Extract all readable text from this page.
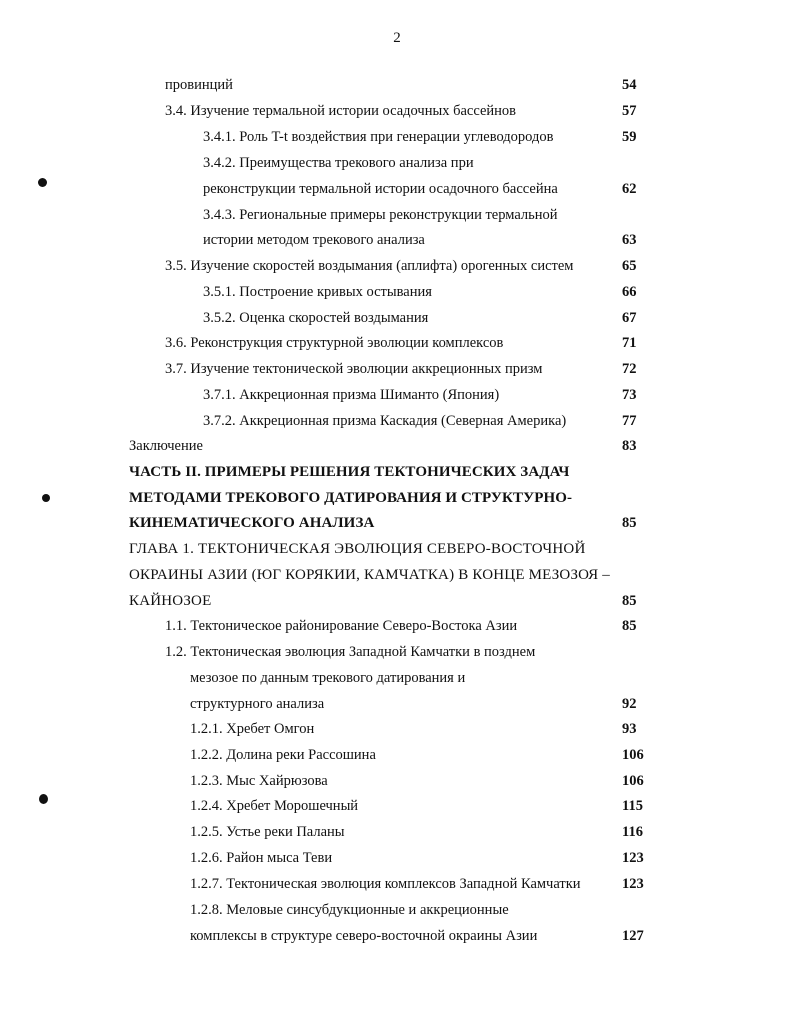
2
провинций	54
3.4. Изучение термальной истории осадочных бассейнов	57
3.4.1. Роль T-t воздействия при генерации углеводородов	59
3.4.2. Преимущества трекового анализа при
реконструкции термальной истории осадочного бассейна	62
3.4.3. Региональные примеры реконструкции термальной
истории методом трекового анализа	63
3.5. Изучение скоростей воздымания (аплифта) орогенных систем	65
3.5.1. Построение кривых остывания	66
3.5.2. Оценка скоростей воздымания	67
3.6. Реконструкция структурной эволюции комплексов	71
3.7. Изучение тектонической эволюции аккреционных призм	72
3.7.1. Аккреционная призма Шиманто (Япония)	73
3.7.2. Аккреционная призма Каскадия (Северная Америка)	77
Заключение	83
ЧАСТЬ II. ПРИМЕРЫ РЕШЕНИЯ ТЕКТОНИЧЕСКИХ ЗАДАЧ
МЕТОДАМИ ТРЕКОВОГО ДАТИРОВАНИЯ И СТРУКТУРНО-
КИНЕМАТИЧЕСКОГО АНАЛИЗА	85
ГЛАВА 1. ТЕКТОНИЧЕСКАЯ ЭВОЛЮЦИЯ СЕВЕРО-ВОСТОЧНОЙ
ОКРАИНЫ АЗИИ (ЮГ КОРЯКИИ, КАМЧАТКА) В КОНЦЕ МЕЗОЗОЯ –
КАЙНОЗОЕ	85
1.1. Тектоническое районирование Северо-Востока Азии	85
1.2. Тектоническая эволюция Западной Камчатки в позднем
мезозое по данным трекового датирования и
структурного анализа	92
1.2.1. Хребет Омгон	93
1.2.2. Долина реки Рассошина	106
1.2.3. Мыс Хайрюзова	106
1.2.4. Хребет Морошечный	115
1.2.5. Устье реки Паланы	116
1.2.6. Район мыса Теви	123
1.2.7. Тектоническая эволюция комплексов Западной Камчатки	123
1.2.8. Меловые синсубдукционные и аккреционные
комплексы в структуре северо-восточной окраины Азии	127
